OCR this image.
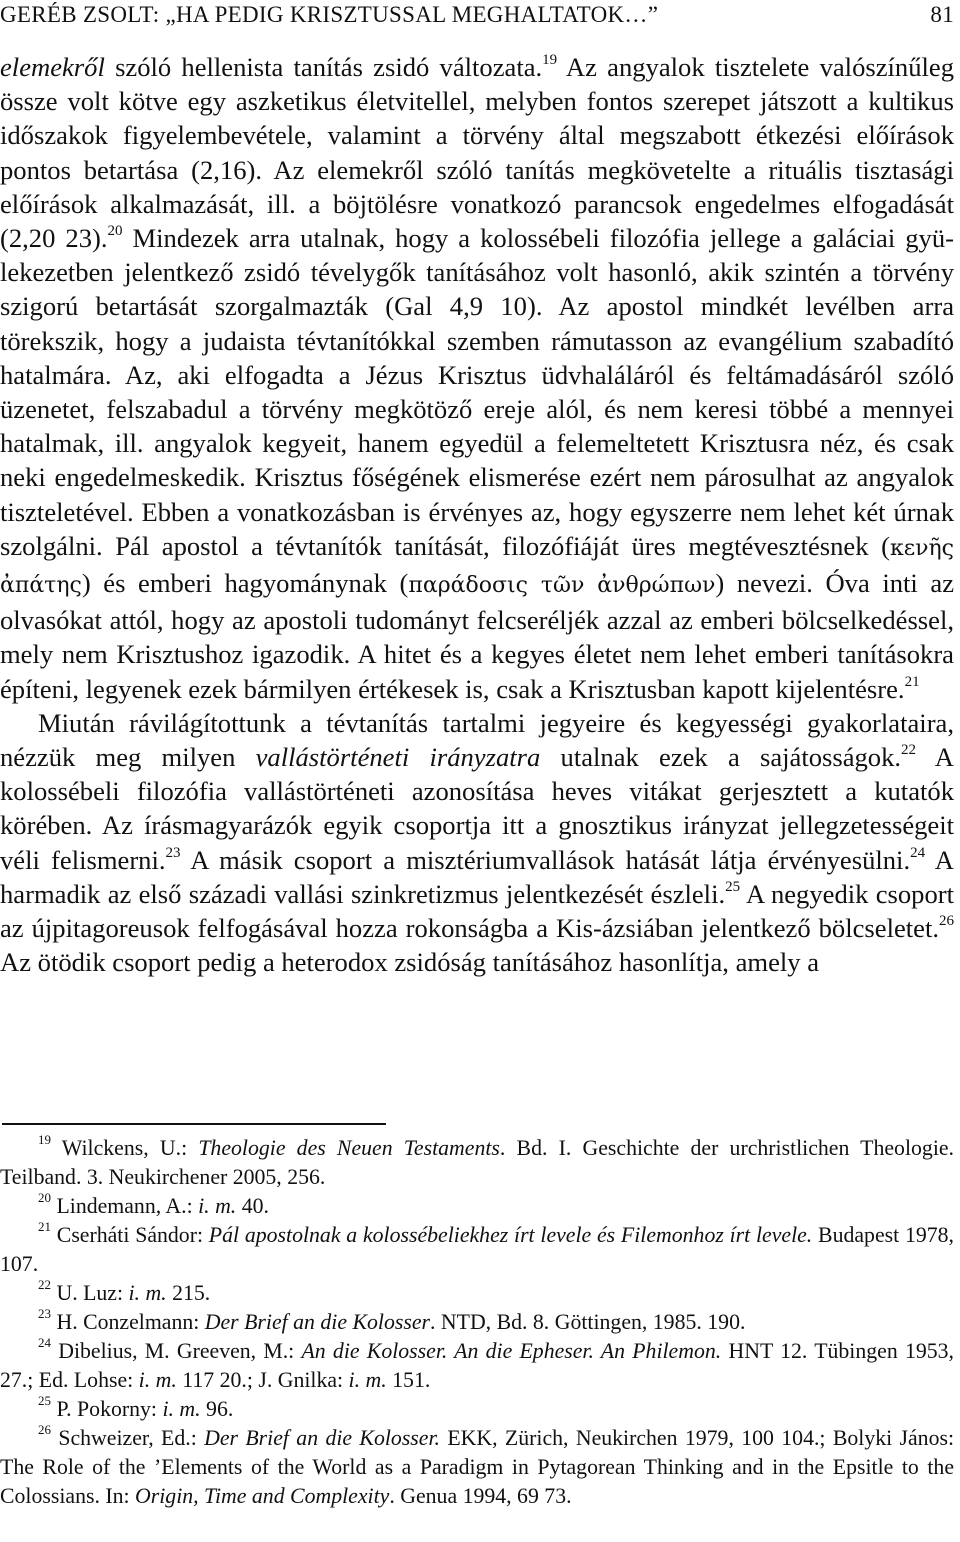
GERÉB ZSOLT: „HA PEDIG KRISZTUSSAL MEGHALTATOK…”	81

elemekről szóló hellenista tanítás zsidó változata.$^{19}$ Az angyalok tisztelete valószínűleg össze volt kötve egy aszketikus életvitellel, melyben fontos szerepet játszott a kultikus időszakok figyelembevétele, valamint a törvény által megszabott étkezési előírások pontos betartása (2,16). Az elemekről szóló tanítás megkövetelte a rituális tisztasági előírások alkalmazását, ill. a böjtölésre vonatkozó parancsok engedelmes elfogadását (2,20 23).$^{20}$ Mindezek arra utalnak, hogy a kolossébeli filozófia jellege a galáciai gyülekezetben jelentkező zsidó tévelygők tanításához volt hasonló, akik szintén a törvény szigorú betartását szorgalmazták (Gal 4,9 10). Az apostol mindkét levélben arra törekszik, hogy a judaista tévtanítókkal szemben rámutasson az evangélium szabadító hatalmára. Az, aki elfogadta a Jézus Krisztus üdvhaláláról és feltámadásáról szóló üzenetet, felszabadul a törvény megkötöző ereje alól, és nem keresi többé a mennyei hatalmak, ill. angyalok kegyeit, hanem egyedül a felemeltetett Krisztusra néz, és csak neki engedelmeskedik. Krisztus főségének elismerése ezért nem párosulhat az angyalok tiszteletével. Ebben a vonatkozásban is érvényes az, hogy egyszerre nem lehet két úrnak szolgálni. Pál apostol a tévtanítók tanítását, filozófiáját üres megtévesztésnek (κενῆς ἀπάτης) és emberi hagyománynak (παράδοσις τῶν ἀνθρώπων) nevezi. Óva inti az olvasókat attól, hogy az apostoli tudományt felcseréljék azzal az emberi bölcselkedéssel, mely nem Krisztushoz igazodik. A hitet és a kegyes életet nem lehet emberi tanításokra építeni, legyenek ezek bármilyen értékesek is, csak a Krisztusban kapott kijelentésre.$^{21}$

Miután rávilágítottunk a tévtanítás tartalmi jegyeire és kegyességi gyakorlataira, nézzük meg milyen vallástörténeti irányzatra utalnak ezek a sajátosságok.$^{22}$ A kolossébeli filozófia vallástörténeti azonosítása heves vitákat gerjesztett a kutatók körében. Az írásmagyarázók egyik csoportja itt a gnosztikus irányzat jellegzetességeit véli felismerni.$^{23}$ A másik csoport a misztériumvallások hatását látja érvényesülni.$^{24}$ A harmadik az első századi vallási szinkretizmus jelentkezését észleli.$^{25}$ A negyedik csoport az újpitagoreusok felfogásával hozza rokonságba a Kis-ázsiában jelentkező bölcseletet.$^{26}$ Az ötödik csoport pedig a heterodox zsidóság tanításához hasonlítja, amely a

$^{19}$ Wilckens, U.: Theologie des Neuen Testaments. Bd. I. Geschichte der urchristlichen Theologie. Teilband. 3. Neukirchener 2005, 256.

$^{20}$ Lindemann, A.: i. m. 40.

$^{21}$ Cserháti Sándor: Pál apostolnak a kolossébeliekhez írt levele és Filemonhoz írt levele. Budapest 1978, 107.

$^{22}$ U. Luz: i. m. 215.

$^{23}$ H. Conzelmann: Der Brief an die Kolosser. NTD, Bd. 8. Göttingen, 1985. 190.

$^{24}$ Dibelius, M. Greeven, M.: An die Kolosser. An die Epheser. An Philemon. HNT 12. Tübingen 1953, 27.; Ed. Lohse: i. m. 117 20.; J. Gnilka: i. m. 151.

$^{25}$ P. Pokorny: i. m. 96.

$^{26}$ Schweizer, Ed.: Der Brief an die Kolosser. EKK, Zürich, Neukirchen 1979, 100 104.; Bolyki János: The Role of the ’Elements of the World as a Paradigm in Pytagorean Thinking and in the Epsitle to the Colossians. In: Origin, Time and Complexity. Genua 1994, 69 73.
